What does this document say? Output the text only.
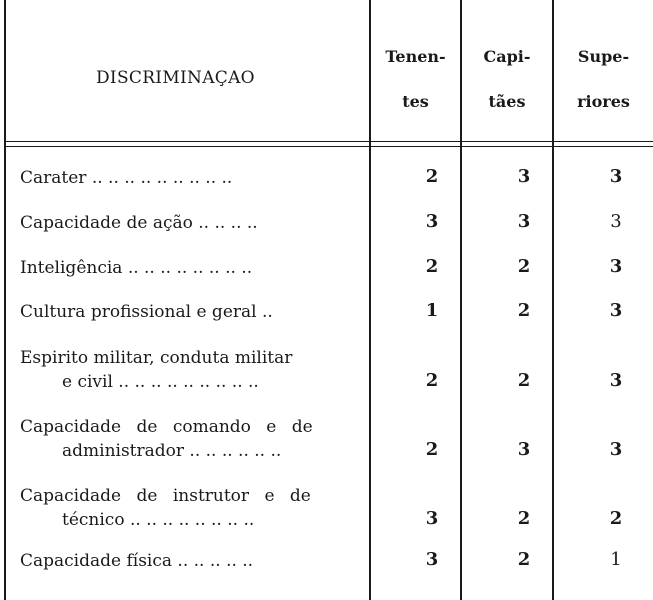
DISCRIMINAÇAO
Tenen-
tes
Capi-
tães
Supe-
riores
Carater .. .. .. .. .. .. .. .. ..	2	3	3
Capacidade de ação .. .. .. ..	3	3	3
Inteligência .. .. .. .. .. .. .. ..	2	2	3
Cultura profissional e geral ..	1	2	3
Espirito militar, conduta militar
e civil .. .. .. .. .. .. .. .. ..	2	2	3
Capacidade de comando e de
administrador .. .. .. .. .. ..	2	3	3
Capacidade de instrutor e de
técnico .. .. .. .. .. .. .. ..	3	2	2
Capacidade física .. .. .. .. ..	3	2	1
